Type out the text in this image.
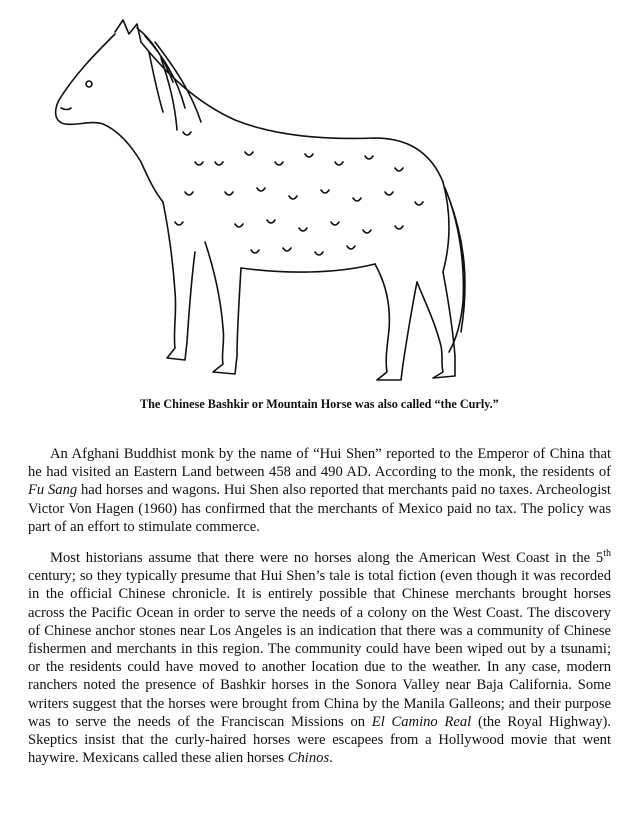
The Chinese Bashkir or Mountain Horse was also called “the Curly.”

An Afghani Buddhist monk by the name of “Hui Shen” reported to the Emperor of China that he had visited an Eastern Land between 458 and 490 AD. According to the monk, the residents of Fu Sang had horses and wagons. Hui Shen also reported that merchants paid no taxes. Archeologist Victor Von Hagen (1960) has confirmed that the merchants of Mexico paid no tax. The policy was part of an effort to stimulate commerce.

Most historians assume that there were no horses along the American West Coast in the 5th century; so they typically presume that Hui Shen’s tale is total fiction (even though it was recorded in the official Chinese chronicle. It is entirely possible that Chinese merchants brought horses across the Pacific Ocean in order to serve the needs of a colony on the West Coast. The discovery of Chinese anchor stones near Los Angeles is an indication that there was a community of Chinese fishermen and merchants in this region. The community could have been wiped out by a tsunami; or the residents could have moved to another location due to the weather. In any case, modern ranchers noted the presence of Bashkir horses in the Sonora Valley near Baja California. Some writers suggest that the horses were brought from China by the Manila Galleons; and their purpose was to serve the needs of the Franciscan Missions on El Camino Real (the Royal Highway). Skeptics insist that the curly-haired horses were escapees from a Hollywood movie that went haywire. Mexicans called these alien horses Chinos.
